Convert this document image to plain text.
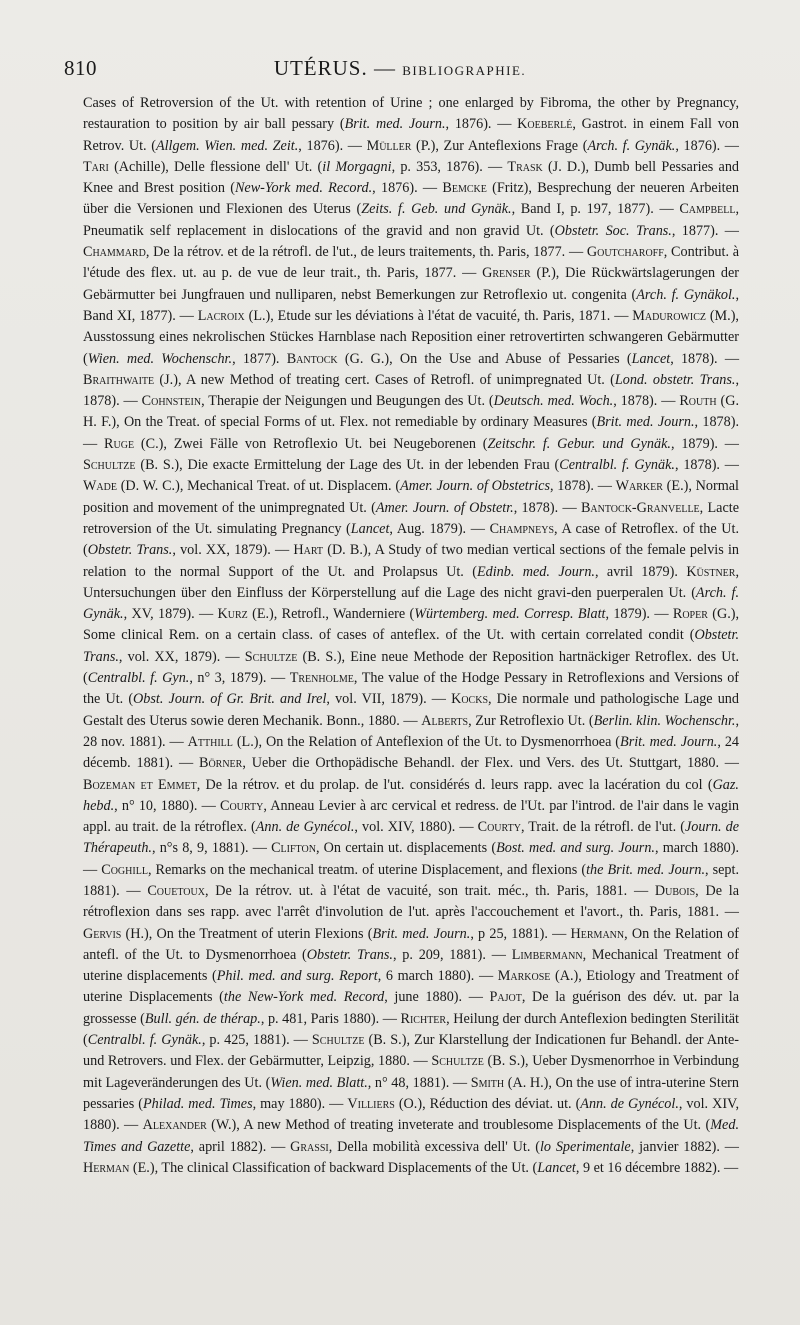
810	UTÉRUS. — BIBLIOGRAPHIE.
Cases of Retroversion of the Ut. with retention of Urine ; one enlarged by Fibroma, the other by Pregnancy, restauration to position by air ball pessary (Brit. med. Journ., 1876). — Koeberlé, Gastrot. in einem Fall von Retrov. Ut. (Allgem. Wien. med. Zeit., 1876). — Müller (P.), Zur Anteflexions Frage (Arch. f. Gynäk., 1876). — Tari (Achille), Delle flessione dell' Ut. (il Morgagni, p. 353, 1876). — Trask (J. D.), Dumb bell Pessaries and Knee and Brest position (New-York med. Record., 1876). — Bemcke (Fritz), Besprechung der neueren Arbeiten über die Versionen und Flexionen des Uterus (Zeits. f. Geb. und Gynäk., Band I, p. 197, 1877). — Campbell, Pneumatik self replacement in dislocations of the gravid and non gravid Ut. (Obstetr. Soc. Trans., 1877). — Chammard, De la rétrov. et de la rétrofl. de l'ut., de leurs traitements, th. Paris, 1877. — Goutcharoff, Contribut. à l'étude des flex. ut. au p. de vue de leur trait., th. Paris, 1877. — Grenser (P.), Die Rückwärtslagerungen der Gebärmutter bei Jungfrauen und nulliparen, nebst Bemerkungen zur Retroflexio ut. congenita (Arch. f. Gynäkol., Band XI, 1877). — Lacroix (L.), Etude sur les déviations à l'état de vacuité, th. Paris, 1871. — Madurowicz (M.), Ausstossung eines nekrolischen Stückes Harnblase nach Reposition einer retrovertirten schwangeren Gebärmutter (Wien. med. Wochenschr., 1877). Bantock (G. G.), On the Use and Abuse of Pessaries (Lancet, 1878). — Braithwaite (J.), A new Method of treating cert. Cases of Retrofl. of unimpregnated Ut. (Lond. obstetr. Trans., 1878). — Cohnstein, Therapie der Neigungen und Beugungen des Ut. (Deutsch. med. Woch., 1878). — Routh (G. H. F.), On the Treat. of special Forms of ut. Flex. not remediable by ordinary Measures (Brit. med. Journ., 1878). — Ruge (C.), Zwei Fälle von Retroflexio Ut. bei Neugeborenen (Zeitschr. f. Gebur. und Gynäk., 1879). — Schultze (B. S.), Die exacte Ermittelung der Lage des Ut. in der lebenden Frau (Centralbl. f. Gynäk., 1878). — Wade (D. W. C.), Mechanical Treat. of ut. Displacem. (Amer. Journ. of Obstetrics, 1878). — Warker (E.), Normal position and movement of the unimpregnated Ut. (Amer. Journ. of Obstetr., 1878). — Bantock-Granvelle, Lacte retroversion of the Ut. simulating Pregnancy (Lancet, Aug. 1879). — Champneys, A case of Retroflex. of the Ut. (Obstetr. Trans., vol. XX, 1879). — Hart (D. B.), A Study of two median vertical sections of the female pelvis in relation to the normal Support of the Ut. and Prolapsus Ut. (Edinb. med. Journ., avril 1879). Küstner, Untersuchungen über den Einfluss der Körperstellung auf die Lage des nicht gravi-den puerperalen Ut. (Arch. f. Gynäk., XV, 1879). — Kurz (E.), Retrofl., Wanderniere (Würtemberg. med. Corresp. Blatt, 1879). — Roper (G.), Some clinical Rem. on a certain class. of cases of anteflex. of the Ut. with certain correlated condit (Obstetr. Trans., vol. XX, 1879). — Schultze (B. S.), Eine neue Methode der Reposition hartnäckiger Retroflex. des Ut. (Centralbl. f. Gyn., n° 3, 1879). — Trenholme, The value of the Hodge Pessary in Retroflexions and Versions of the Ut. (Obst. Journ. of Gr. Brit. and Irel, vol. VII, 1879). — Kocks, Die normale und pathologische Lage und Gestalt des Uterus sowie deren Mechanik. Bonn., 1880. — Alberts, Zur Retroflexio Ut. (Berlin. klin. Wochenschr., 28 nov. 1881). — Atthill (L.), On the Relation of Anteflexion of the Ut. to Dysmenorrhoea (Brit. med. Journ., 24 décemb. 1881). — Börner, Ueber die Orthopädische Behandl. der Flex. und Vers. des Ut. Stuttgart, 1880. — Bozeman et Emmet, De la rétrov. et du prolap. de l'ut. considérés d. leurs rapp. avec la lacération du col (Gaz. hebd., n° 10, 1880). — Courty, Anneau Levier à arc cervical et redress. de l'Ut. par l'introd. de l'air dans le vagin appl. au trait. de la rétroflex. (Ann. de Gynécol., vol. XIV, 1880). — Courty, Trait. de la rétrofl. de l'ut. (Journ. de Thérapeuth., n°s 8, 9, 1881). — Clifton, On certain ut. displacements (Bost. med. and surg. Journ., march 1880). — Coghill, Remarks on the mechanical treatm. of uterine Displacement, and flexions (the Brit. med. Journ., sept. 1881). — Couetoux, De la rétrov. ut. à l'état de vacuité, son trait. méc., th. Paris, 1881. — Dubois, De la rétroflexion dans ses rapp. avec l'arrêt d'involution de l'ut. après l'accouchement et l'avort., th. Paris, 1881. — Gervis (H.), On the Treatment of uterin Flexions (Brit. med. Journ., p 25, 1881). — Hermann, On the Relation of antefl. of the Ut. to Dysmenorrhoea (Obstetr. Trans., p. 209, 1881). — Limbermann, Mechanical Treatment of uterine displacements (Phil. med. and surg. Report, 6 march 1880). — Markose (A.), Etiology and Treatment of uterine Displacements (the New-York med. Record, june 1880). — Pajot, De la guérison des dév. ut. par la grossesse (Bull. gén. de thérap., p. 481, Paris 1880). — Richter, Heilung der durch Anteflexion bedingten Sterilität (Centralbl. f. Gynäk., p. 425, 1881). — Schultze (B. S.), Zur Klarstellung der Indicationen fur Behandl. der Ante-und Retrovers. und Flex. der Gebärmutter, Leipzig, 1880. — Schultze (B. S.), Ueber Dysmenorrhoe in Verbindung mit Lageveränderungen des Ut. (Wien. med. Blatt., n° 48, 1881). — Smith (A. H.), On the use of intra-uterine Stern pessaries (Philad. med. Times, may 1880). — Villiers (O.), Réduction des déviat. ut. (Ann. de Gynécol., vol. XIV, 1880). — Alexander (W.), A new Method of treating inveterate and troublesome Displacements of the Ut. (Med. Times and Gazette, april 1882). — Grassi, Della mobilità excessiva dell' Ut. (lo Sperimentale, janvier 1882). — Herman (E.), The clinical Classification of backward Displacements of the Ut. (Lancet, 9 et 16 décembre 1882). —
